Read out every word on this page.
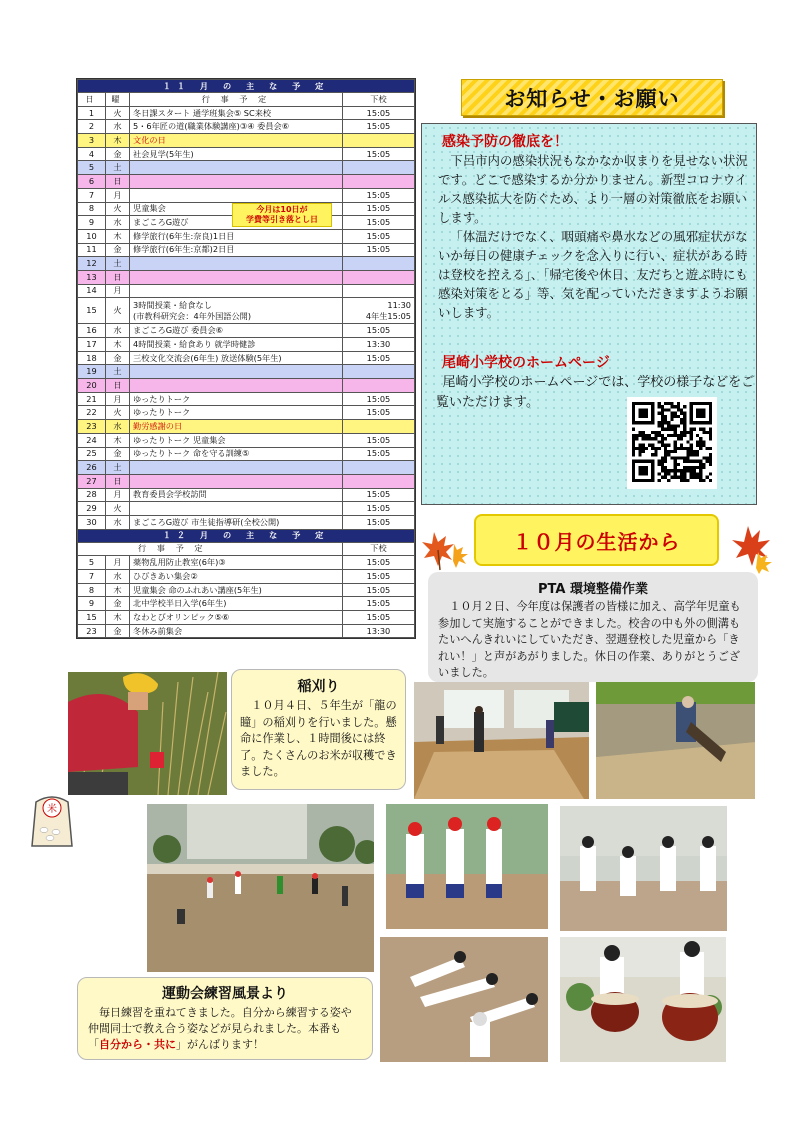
１１ 月 の 主 な 予 定			
日	曜	行 事 予 定	下校
1	火	冬日課スタート 通学班集会⑤ SC来校	15:05
2	水	5・6年匠の道(職業体験講座)③④ 委員会⑥	15:05
3	木	文化の日	
4	金	社会見学(5年生)	15:05
5	土		
6	日		
7	月		15:05
8	火	児童集会	15:05
9	水	まごころG遊び	15:05
10	木	修学旅行(6年生:奈良)1日目	15:05
11	金	修学旅行(6年生:京都)2日目	15:05
12	土		
13	日		
14	月		
15	火	3時間授業・給食なし
(市教科研究会：4年外国語公開)	11:30
4年生15:05

16	水	まごころG遊び 委員会⑥	15:05
17	木	4時間授業・給食あり 就学時健診	13:30
18	金	三校文化交流会(6年生) 放送体験(5年生)	15:05
19	土		
20	日		
21	月	ゆったりトーク	15:05
22	火	ゆったりトーク	15:05
23	水	勤労感謝の日	
24	木	ゆったりトーク 児童集会	15:05
25	金	ゆったりトーク 命を守る訓練⑤	15:05
26	土		
27	日		
28	月	教育委員会学校訪問	15:05
29	火		15:05
30	水	まごころG遊び 市生徒指導研(全校公開)	15:05
１２ 月 の 主 な 予 定			
行 事 予 定			下校
5	月	薬物乱用防止教室(6年)③	15:05
7	水	ひびきあい集会②	15:05
8	木	児童集会 命のふれあい講座(5年生)	15:05
9	金	北中学校半日入学(6年生)	15:05
15	木	なわとびオリンピック⑤⑥	15:05
23	金	冬休み前集会	13:30
今月は10日が
学費等引き落とし日
お知らせ・お願い
感染予防の徹底を！

下呂市内の感染状況もなかなか収まりを見せない状況です。どこで感染するか分かりません。新型コロナウイルス感染拡大を防ぐため、より一層の対策徹底をお願いします。

「体温だけでなく、咽頭痛や鼻水などの風邪症状がないか毎日の健康チェックを念入りに行い、症状がある時は登校を控える」、「帰宅後や休日、友だちと遊ぶ時にも感染対策をとる」等、気を配っていただきますようお願いします。

尾崎小学校のホームページ
尾崎小学校のホームページでは、学校の様子などをご覧いただけます。
１０月の生活から
PTA 環境整備作業

１０月２日、今年度は保護者の皆様に加え、高学年児童も参加して実施することができました。校舎の中も外の側溝もたいへんきれいにしていただき、翌週登校した児童から「きれい！」と声があがりました。休日の作業、ありがとうございました。

稲刈り

１０月４日、５年生が「龍の瞳」の稲刈りを行いました。懸命に作業し、１時間後には終了。たくさんのお米が収穫できました。

米
運動会練習風景より

毎日練習を重ねてきました。自分から練習する姿や仲間同士で教え合う姿などが見られました。本番も「自分から・共に」がんばります！
